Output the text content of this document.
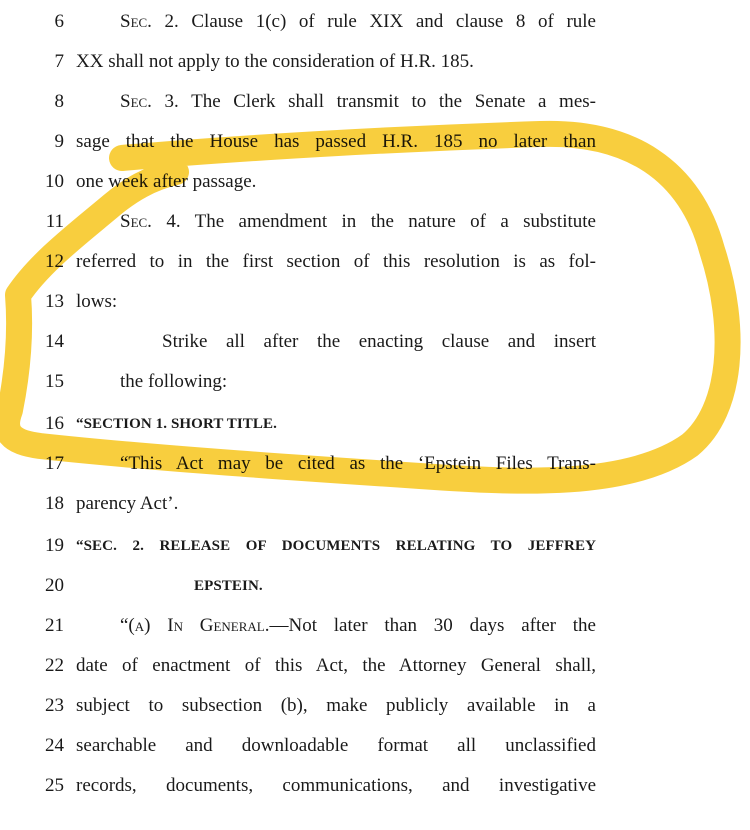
6	Sec. 2. Clause 1(c) of rule XIX and clause 8 of rule
7 XX shall not apply to the consideration of H.R. 185.
8	Sec. 3. The Clerk shall transmit to the Senate a mes-
9 sage that the House has passed H.R. 185 no later than
10 one week after passage.
11	Sec. 4. The amendment in the nature of a substitute
12 referred to in the first section of this resolution is as fol-
13 lows:
14	Strike all after the enacting clause and insert
15	the following:
16 “SECTION 1. SHORT TITLE.
17	“This Act may be cited as the ‘Epstein Files Trans-
18 parency Act’.
19 “SEC. 2. RELEASE OF DOCUMENTS RELATING TO JEFFREY
20	EPSTEIN.
21	“(a) In General.—Not later than 30 days after the
22 date of enactment of this Act, the Attorney General shall,
23 subject to subsection (b), make publicly available in a
24 searchable and downloadable format all unclassified
25 records, documents, communications, and investigative
